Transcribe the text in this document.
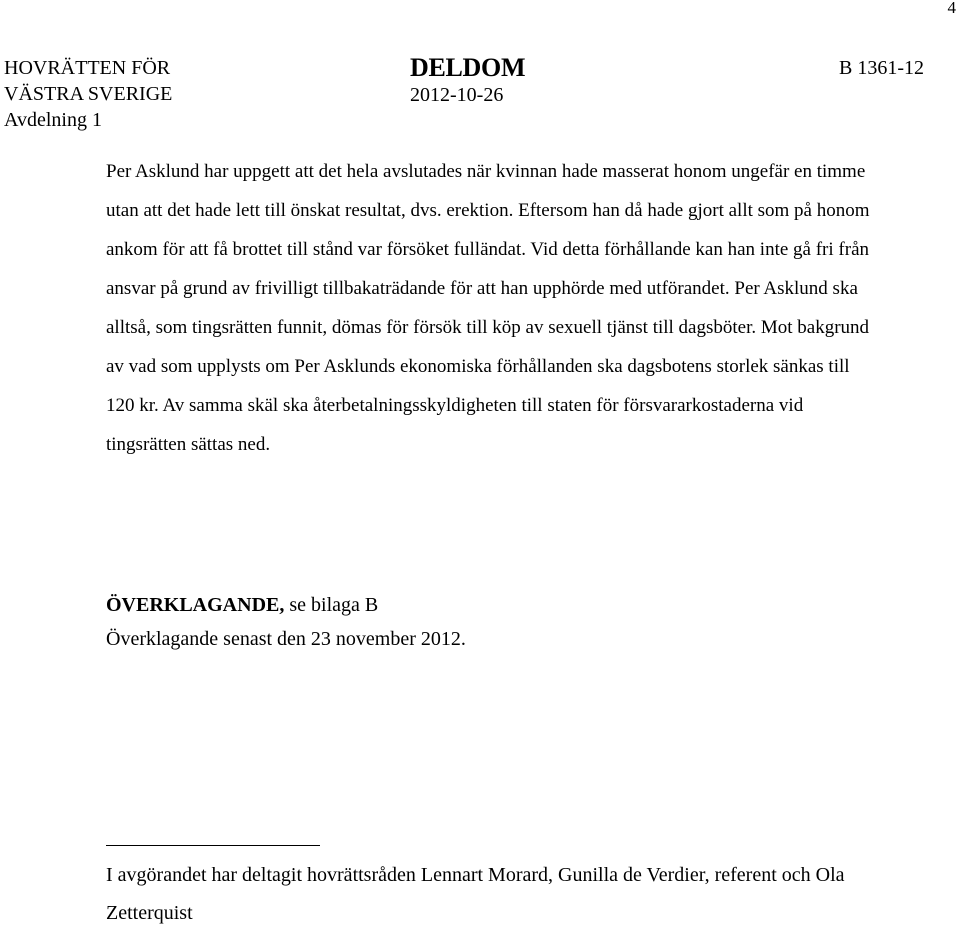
4
HOVRÄTTEN FÖR
VÄSTRA SVERIGE
Avdelning 1
DELDOM
2012-10-26
B 1361-12

Per Asklund har uppgett att det hela avslutades när kvinnan hade masserat honom ungefär en timme utan att det hade lett till önskat resultat, dvs. erektion. Eftersom han då hade gjort allt som på honom ankom för att få brottet till stånd var försöket fulländat. Vid detta förhållande kan han inte gå fri från ansvar på grund av frivilligt tillbakaträdande för att han upphörde med utförandet. Per Asklund ska alltså, som tingsrätten funnit, dömas för försök till köp av sexuell tjänst till dagsböter. Mot bakgrund av vad som upplysts om Per Asklunds ekonomiska förhållanden ska dagsbotens storlek sänkas till 120 kr. Av samma skäl ska återbetalningsskyldigheten till staten för försvararkostaderna vid tingsrätten sättas ned.

ÖVERKLAGANDE, se bilaga B
Överklagande senast den 23 november 2012.

I avgörandet har deltagit hovrättsråden Lennart Morard, Gunilla de Verdier, referent och Ola Zetterquist
